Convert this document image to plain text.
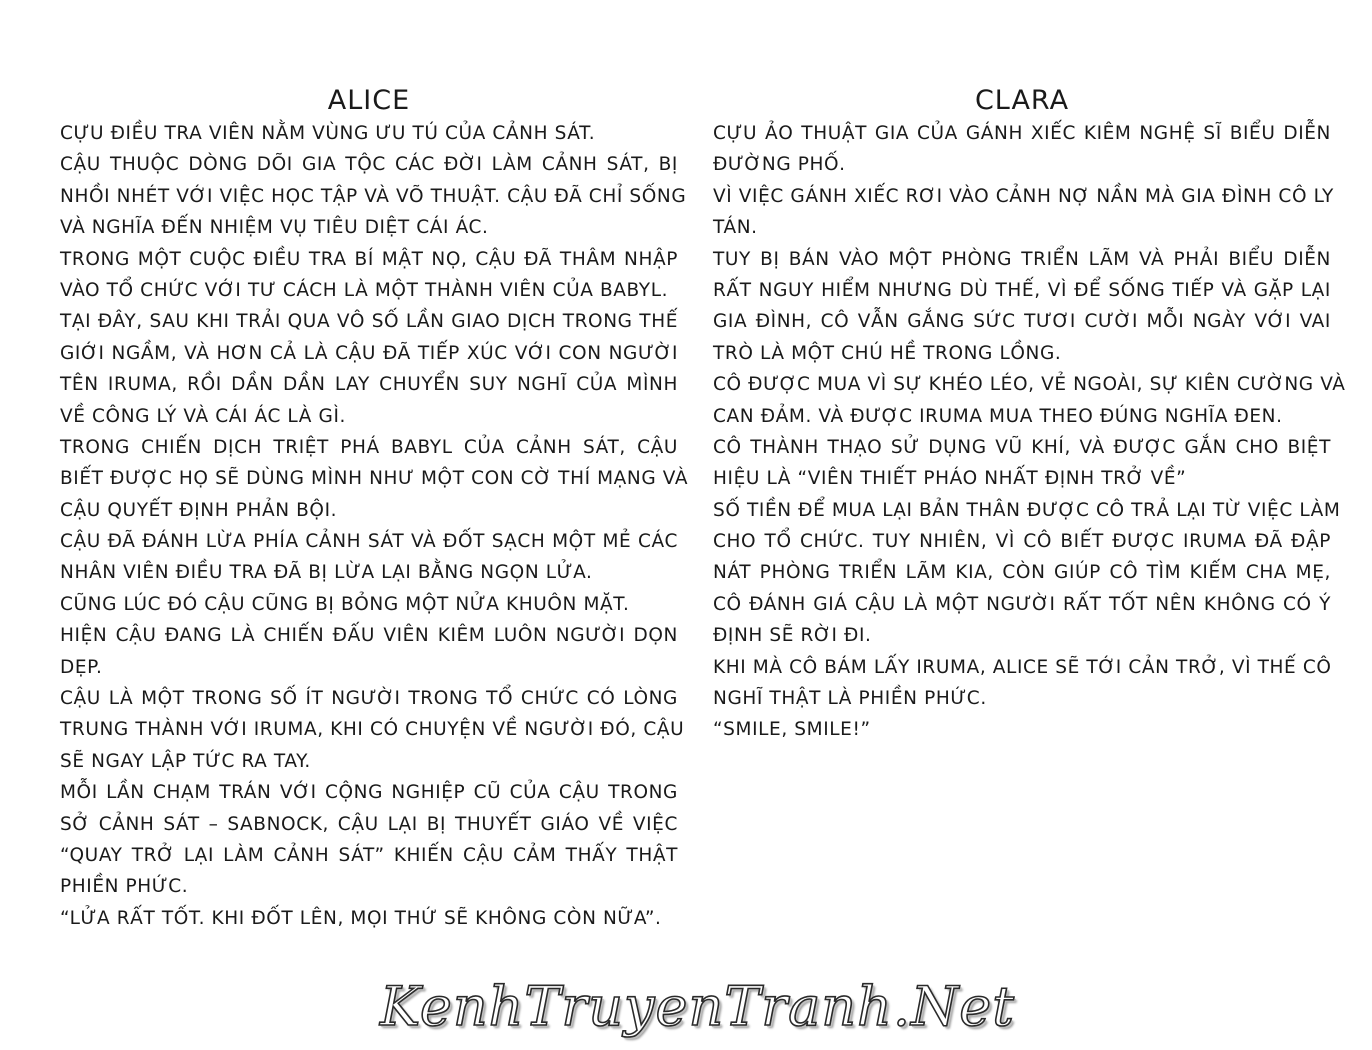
ALICE
CỰU ĐIỀU TRA VIÊN NẰM VÙNG ƯU TÚ CỦA CẢNH SÁT.
CẬU THUỘC DÒNG DÕI GIA TỘC CÁC ĐỜI LÀM CẢNH SÁT, BỊ
NHỒI NHÉT VỚI VIỆC HỌC TẬP VÀ VÕ THUẬT. CẬU ĐÃ CHỈ SỐNG
VÀ NGHĨA ĐẾN NHIỆM VỤ TIÊU DIỆT CÁI ÁC.
TRONG MỘT CUỘC ĐIỀU TRA BÍ MẬT NỌ, CẬU ĐÃ THÂM NHẬP
VÀO TỔ CHỨC VỚI TƯ CÁCH LÀ MỘT THÀNH VIÊN CỦA BABYL.
TẠI ĐÂY, SAU KHI TRẢI QUA VÔ SỐ LẦN GIAO DỊCH TRONG THẾ
GIỚI NGẦM, VÀ HƠN CẢ LÀ CẬU ĐÃ TIẾP XÚC VỚI CON NGƯỜI
TÊN IRUMA, RỒI DẦN DẦN LAY CHUYỂN SUY NGHĨ CỦA MÌNH
VỀ CÔNG LÝ VÀ CÁI ÁC LÀ GÌ.
TRONG CHIẾN DỊCH TRIỆT PHÁ BABYL CỦA CẢNH SÁT, CẬU
BIẾT ĐƯỢC HỌ SẼ DÙNG MÌNH NHƯ MỘT CON CỜ THÍ MẠNG VÀ
CẬU QUYẾT ĐỊNH PHẢN BỘI.
CẬU ĐÃ ĐÁNH LỪA PHÍA CẢNH SÁT VÀ ĐỐT SẠCH MỘT MẺ CÁC
NHÂN VIÊN ĐIỀU TRA ĐÃ BỊ LỪA LẠI BẰNG NGỌN LỬA.
CŨNG LÚC ĐÓ CẬU CŨNG BỊ BỎNG MỘT NỬA KHUÔN MẶT.
HIỆN CẬU ĐANG LÀ CHIẾN ĐẤU VIÊN KIÊM LUÔN NGƯỜI DỌN
DẸP.
CẬU LÀ MỘT TRONG SỐ ÍT NGƯỜI TRONG TỔ CHỨC CÓ LÒNG
TRUNG THÀNH VỚI IRUMA, KHI CÓ CHUYỆN VỀ NGƯỜI ĐÓ, CẬU
SẼ NGAY LẬP TỨC RA TAY.
MỖI LẦN CHẠM TRÁN VỚI CỘNG NGHIỆP CŨ CỦA CẬU TRONG
SỞ CẢNH SÁT – SABNOCK, CẬU LẠI BỊ THUYẾT GIÁO VỀ VIỆC
“QUAY TRỞ LẠI LÀM CẢNH SÁT” KHIẾN CẬU CẢM THẤY THẬT
PHIỀN PHỨC.
“LỬA RẤT TỐT. KHI ĐỐT LÊN, MỌI THỨ SẼ KHÔNG CÒN NỮA”.
CLARA
CỰU ẢO THUẬT GIA CỦA GÁNH XIẾC KIÊM NGHỆ SĨ BIỂU DIỄN
ĐƯỜNG PHỐ.
VÌ VIỆC GÁNH XIẾC RƠI VÀO CẢNH NỢ NẦN MÀ GIA ĐÌNH CÔ LY
TÁN.
TUY BỊ BÁN VÀO MỘT PHÒNG TRIỂN LÃM VÀ PHẢI BIỂU DIỄN
RẤT NGUY HIỂM NHƯNG DÙ THẾ, VÌ ĐỂ SỐNG TIẾP VÀ GẶP LẠI
GIA ĐÌNH, CÔ VẪN GẮNG SỨC TƯƠI CƯỜI MỖI NGÀY VỚI VAI
TRÒ LÀ MỘT CHÚ HỀ TRONG LỒNG.
CÔ ĐƯỢC MUA VÌ SỰ KHÉO LÉO, VẺ NGOÀI, SỰ KIÊN CƯỜNG VÀ
CAN ĐẢM. VÀ ĐƯỢC IRUMA MUA THEO ĐÚNG NGHĨA ĐEN.
CÔ THÀNH THẠO SỬ DỤNG VŨ KHÍ, VÀ ĐƯỢC GẮN CHO BIỆT
HIỆU LÀ “VIÊN THIẾT PHÁO NHẤT ĐỊNH TRỞ VỀ”
SỐ TIỀN ĐỂ MUA LẠI BẢN THÂN ĐƯỢC CÔ TRẢ LẠI TỪ VIỆC LÀM
CHO TỔ CHỨC. TUY NHIÊN, VÌ CÔ BIẾT ĐƯỢC IRUMA ĐÃ ĐẬP
NÁT PHÒNG TRIỂN LÃM KIA, CÒN GIÚP CÔ TÌM KIẾM CHA MẸ,
CÔ ĐÁNH GIÁ CẬU LÀ MỘT NGƯỜI RẤT TỐT NÊN KHÔNG CÓ Ý
ĐỊNH SẼ RỜI ĐI.
KHI MÀ CÔ BÁM LẤY IRUMA, ALICE SẼ TỚI CẢN TRỞ, VÌ THẾ CÔ
NGHĨ THẬT LÀ PHIỀN PHỨC.
“SMILE, SMILE!”
KenhTruyenTranh.Net
